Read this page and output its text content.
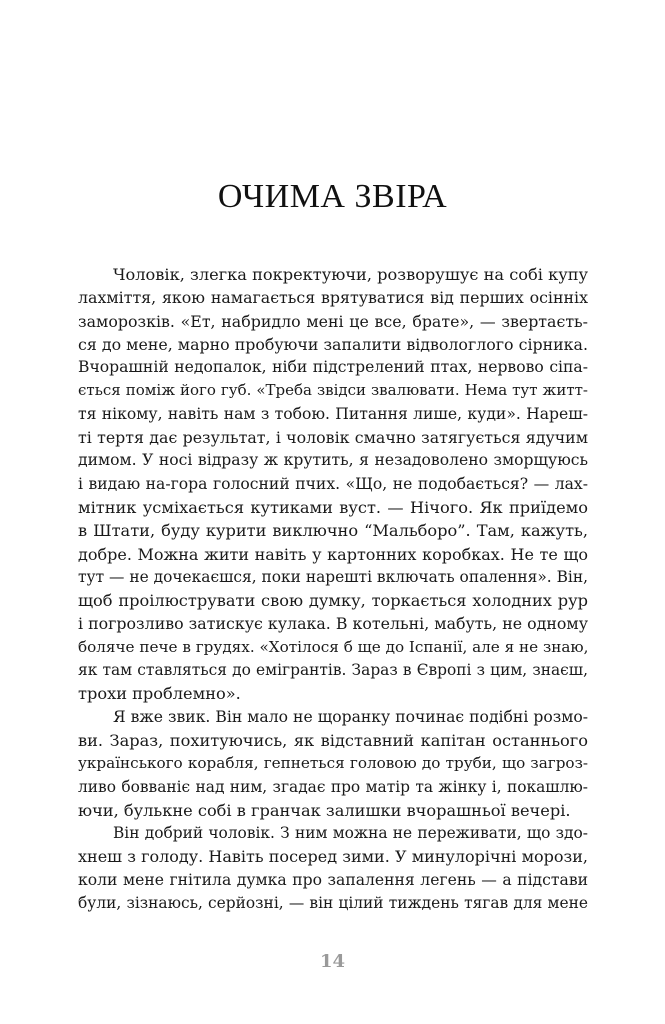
ОЧИМА ЗВІРА
Чоловік, злегка покректуючи, розворушує на собі купу
лахміття, якою намагається врятуватися від перших осінніх
заморозків. «Ет, набридло мені це все, брате», — звертаєть-
ся до мене, марно пробуючи запалити відвологлого сірника.
Вчорашній недопалок, ніби підстрелений птах, нервово сіпа-
ється поміж його губ. «Треба звідси звалювати. Нема тут житт-
тя нікому, навіть нам з тобою. Питання лише, куди». Нареш-
ті тертя дає результат, і чоловік смачно затягується ядучим
димом. У носі відразу ж крутить, я незадоволено зморщуюсь
і видаю на-гора голосний пчих. «Що, не подобається? — лах-
мітник усміхається кутиками вуст. — Нічого. Як приїдемо
в Штати, буду курити виключно “Мальборо”. Там, кажуть,
добре. Можна жити навіть у картонних коробках. Не те що
тут — не дочекаєшся, поки нарешті включать опалення». Він,
щоб проілюструвати свою думку, торкається холодних рур
і погрозливо затискує кулака. В котельні, мабуть, не одному
боляче пече в грудях. «Хотілося б ще до Іспанії, але я не знаю,
як там ставляться до емігрантів. Зараз в Європі з цим, знаєш,
трохи проблемно».
Я вже звик. Він мало не щоранку починає подібні розмо-
ви. Зараз, похитуючись, як відставний капітан останнього
українського корабля, гепнеться головою до труби, що загроз-
ливо бовваніє над ним, згадає про матір та жінку і, покашлю-
ючи, булькне собі в гранчак залишки вчорашньої вечері.
Він добрий чоловік. З ним можна не переживати, що здо-
хнеш з голоду. Навіть посеред зими. У минулорічні морози,
коли мене гнітила думка про запалення легень — а підстави
були, зізнаюсь, серйозні, — він цілий тиждень тягав для мене
14
